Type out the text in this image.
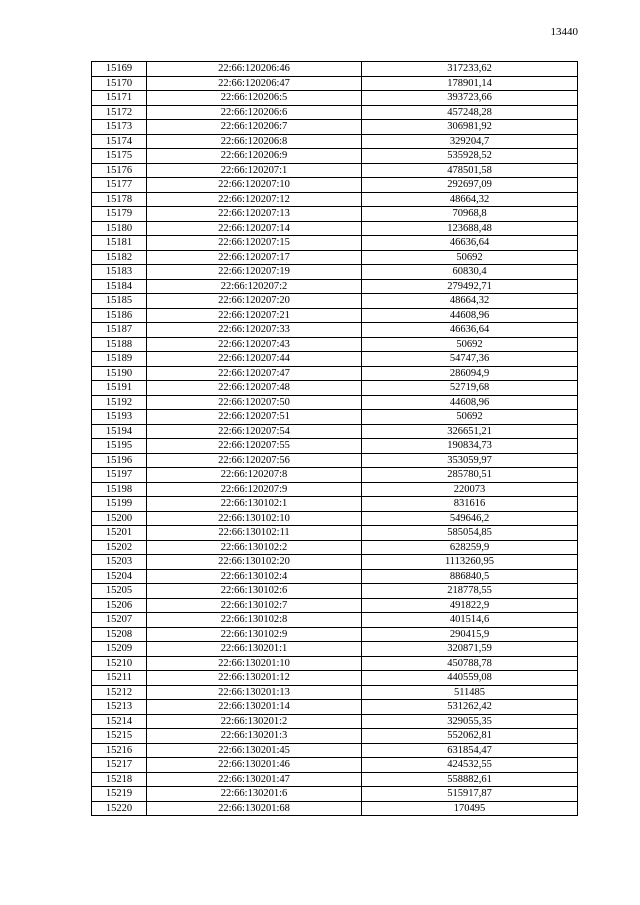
13440
15169	22:66:120206:46	317233,62
15170	22:66:120206:47	178901,14
15171	22:66:120206:5	393723,66
15172	22:66:120206:6	457248,28
15173	22:66:120206:7	306981,92
15174	22:66:120206:8	329204,7
15175	22:66:120206:9	535928,52
15176	22:66:120207:1	478501,58
15177	22:66:120207:10	292697,09
15178	22:66:120207:12	48664,32
15179	22:66:120207:13	70968,8
15180	22:66:120207:14	123688,48
15181	22:66:120207:15	46636,64
15182	22:66:120207:17	50692
15183	22:66:120207:19	60830,4
15184	22:66:120207:2	279492,71
15185	22:66:120207:20	48664,32
15186	22:66:120207:21	44608,96
15187	22:66:120207:33	46636,64
15188	22:66:120207:43	50692
15189	22:66:120207:44	54747,36
15190	22:66:120207:47	286094,9
15191	22:66:120207:48	52719,68
15192	22:66:120207:50	44608,96
15193	22:66:120207:51	50692
15194	22:66:120207:54	326651,21
15195	22:66:120207:55	190834,73
15196	22:66:120207:56	353059,97
15197	22:66:120207:8	285780,51
15198	22:66:120207:9	220073
15199	22:66:130102:1	831616
15200	22:66:130102:10	549646,2
15201	22:66:130102:11	585054,85
15202	22:66:130102:2	628259,9
15203	22:66:130102:20	1113260,95
15204	22:66:130102:4	886840,5
15205	22:66:130102:6	218778,55
15206	22:66:130102:7	491822,9
15207	22:66:130102:8	401514,6
15208	22:66:130102:9	290415,9
15209	22:66:130201:1	320871,59
15210	22:66:130201:10	450788,78
15211	22:66:130201:12	440559,08
15212	22:66:130201:13	511485
15213	22:66:130201:14	531262,42
15214	22:66:130201:2	329055,35
15215	22:66:130201:3	552062,81
15216	22:66:130201:45	631854,47
15217	22:66:130201:46	424532,55
15218	22:66:130201:47	558882,61
15219	22:66:130201:6	515917,87
15220	22:66:130201:68	170495
